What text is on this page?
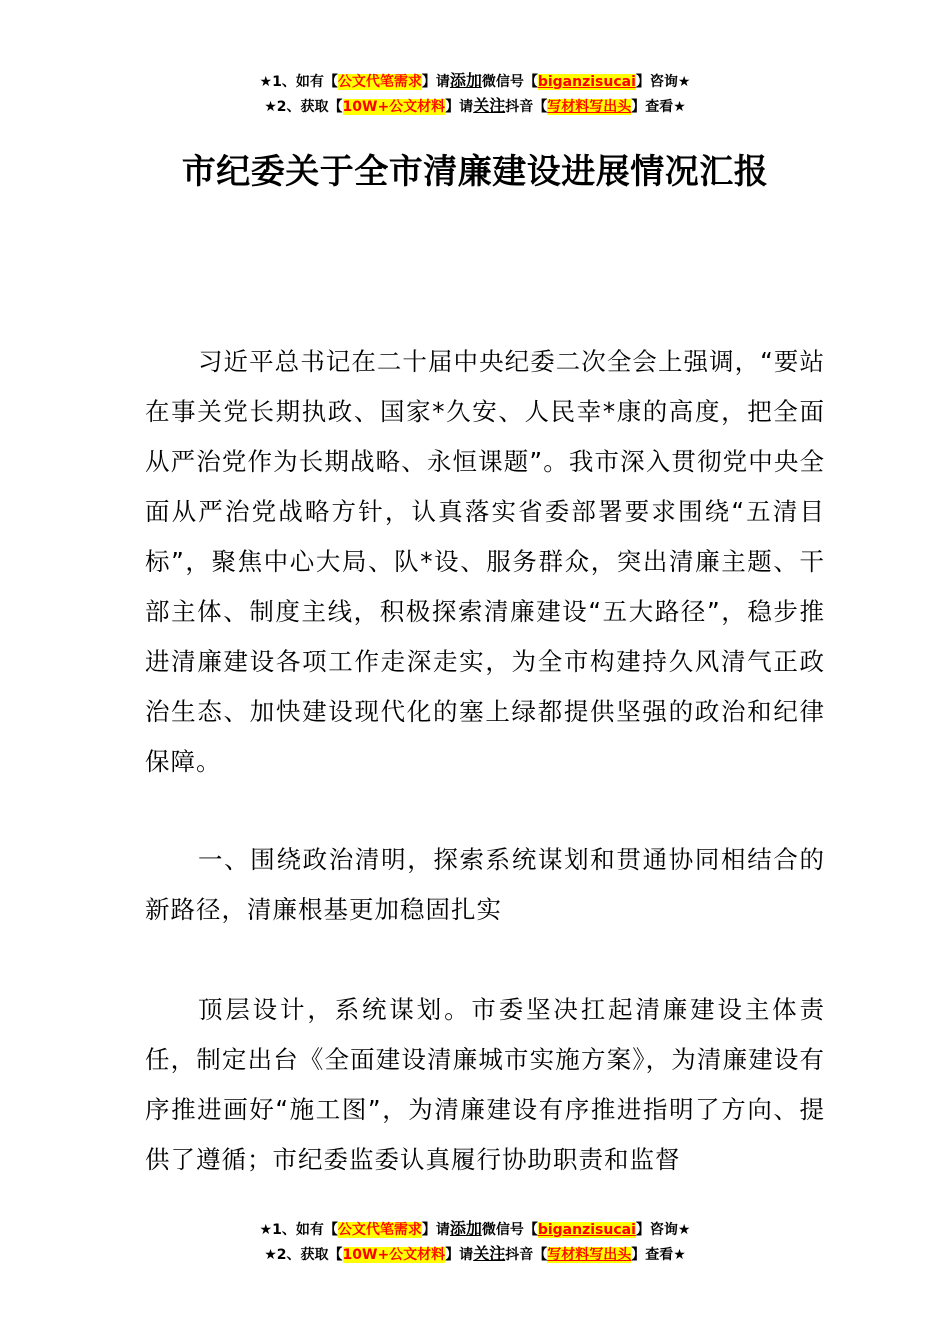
★1、如有【公文代笔需求】请添加微信号【biganzisucai】咨询★
★2、获取【10W+公文材料】请关注抖音【写材料写出头】查看★
市纪委关于全市清廉建设进展情况汇报

习近平总书记在二十届中央纪委二次全会上强调，“要站在事关党长期执政、国家*久安、人民幸*康的高度，把全面从严治党作为长期战略、永恒课题”。我市深入贯彻党中央全面从严治党战略方针，认真落实省委部署要求围绕“五清目标”，聚焦中心大局、队*设、服务群众，突出清廉主题、干部主体、制度主线，积极探索清廉建设“五大路径”，稳步推进清廉建设各项工作走深走实，为全市构建持久风清气正政治生态、加快建设现代化的塞上绿都提供坚强的政治和纪律保障。

一、围绕政治清明，探索系统谋划和贯通协同相结合的新路径，清廉根基更加稳固扎实

顶层设计，系统谋划。市委坚决扛起清廉建设主体责任，制定出台《全面建设清廉城市实施方案》，为清廉建设有序推进画好“施工图”，为清廉建设有序推进指明了方向、提供了遵循；市纪委监委认真履行协助职责和监督

★1、如有【公文代笔需求】请添加微信号【biganzisucai】咨询★
★2、获取【10W+公文材料】请关注抖音【写材料写出头】查看★
